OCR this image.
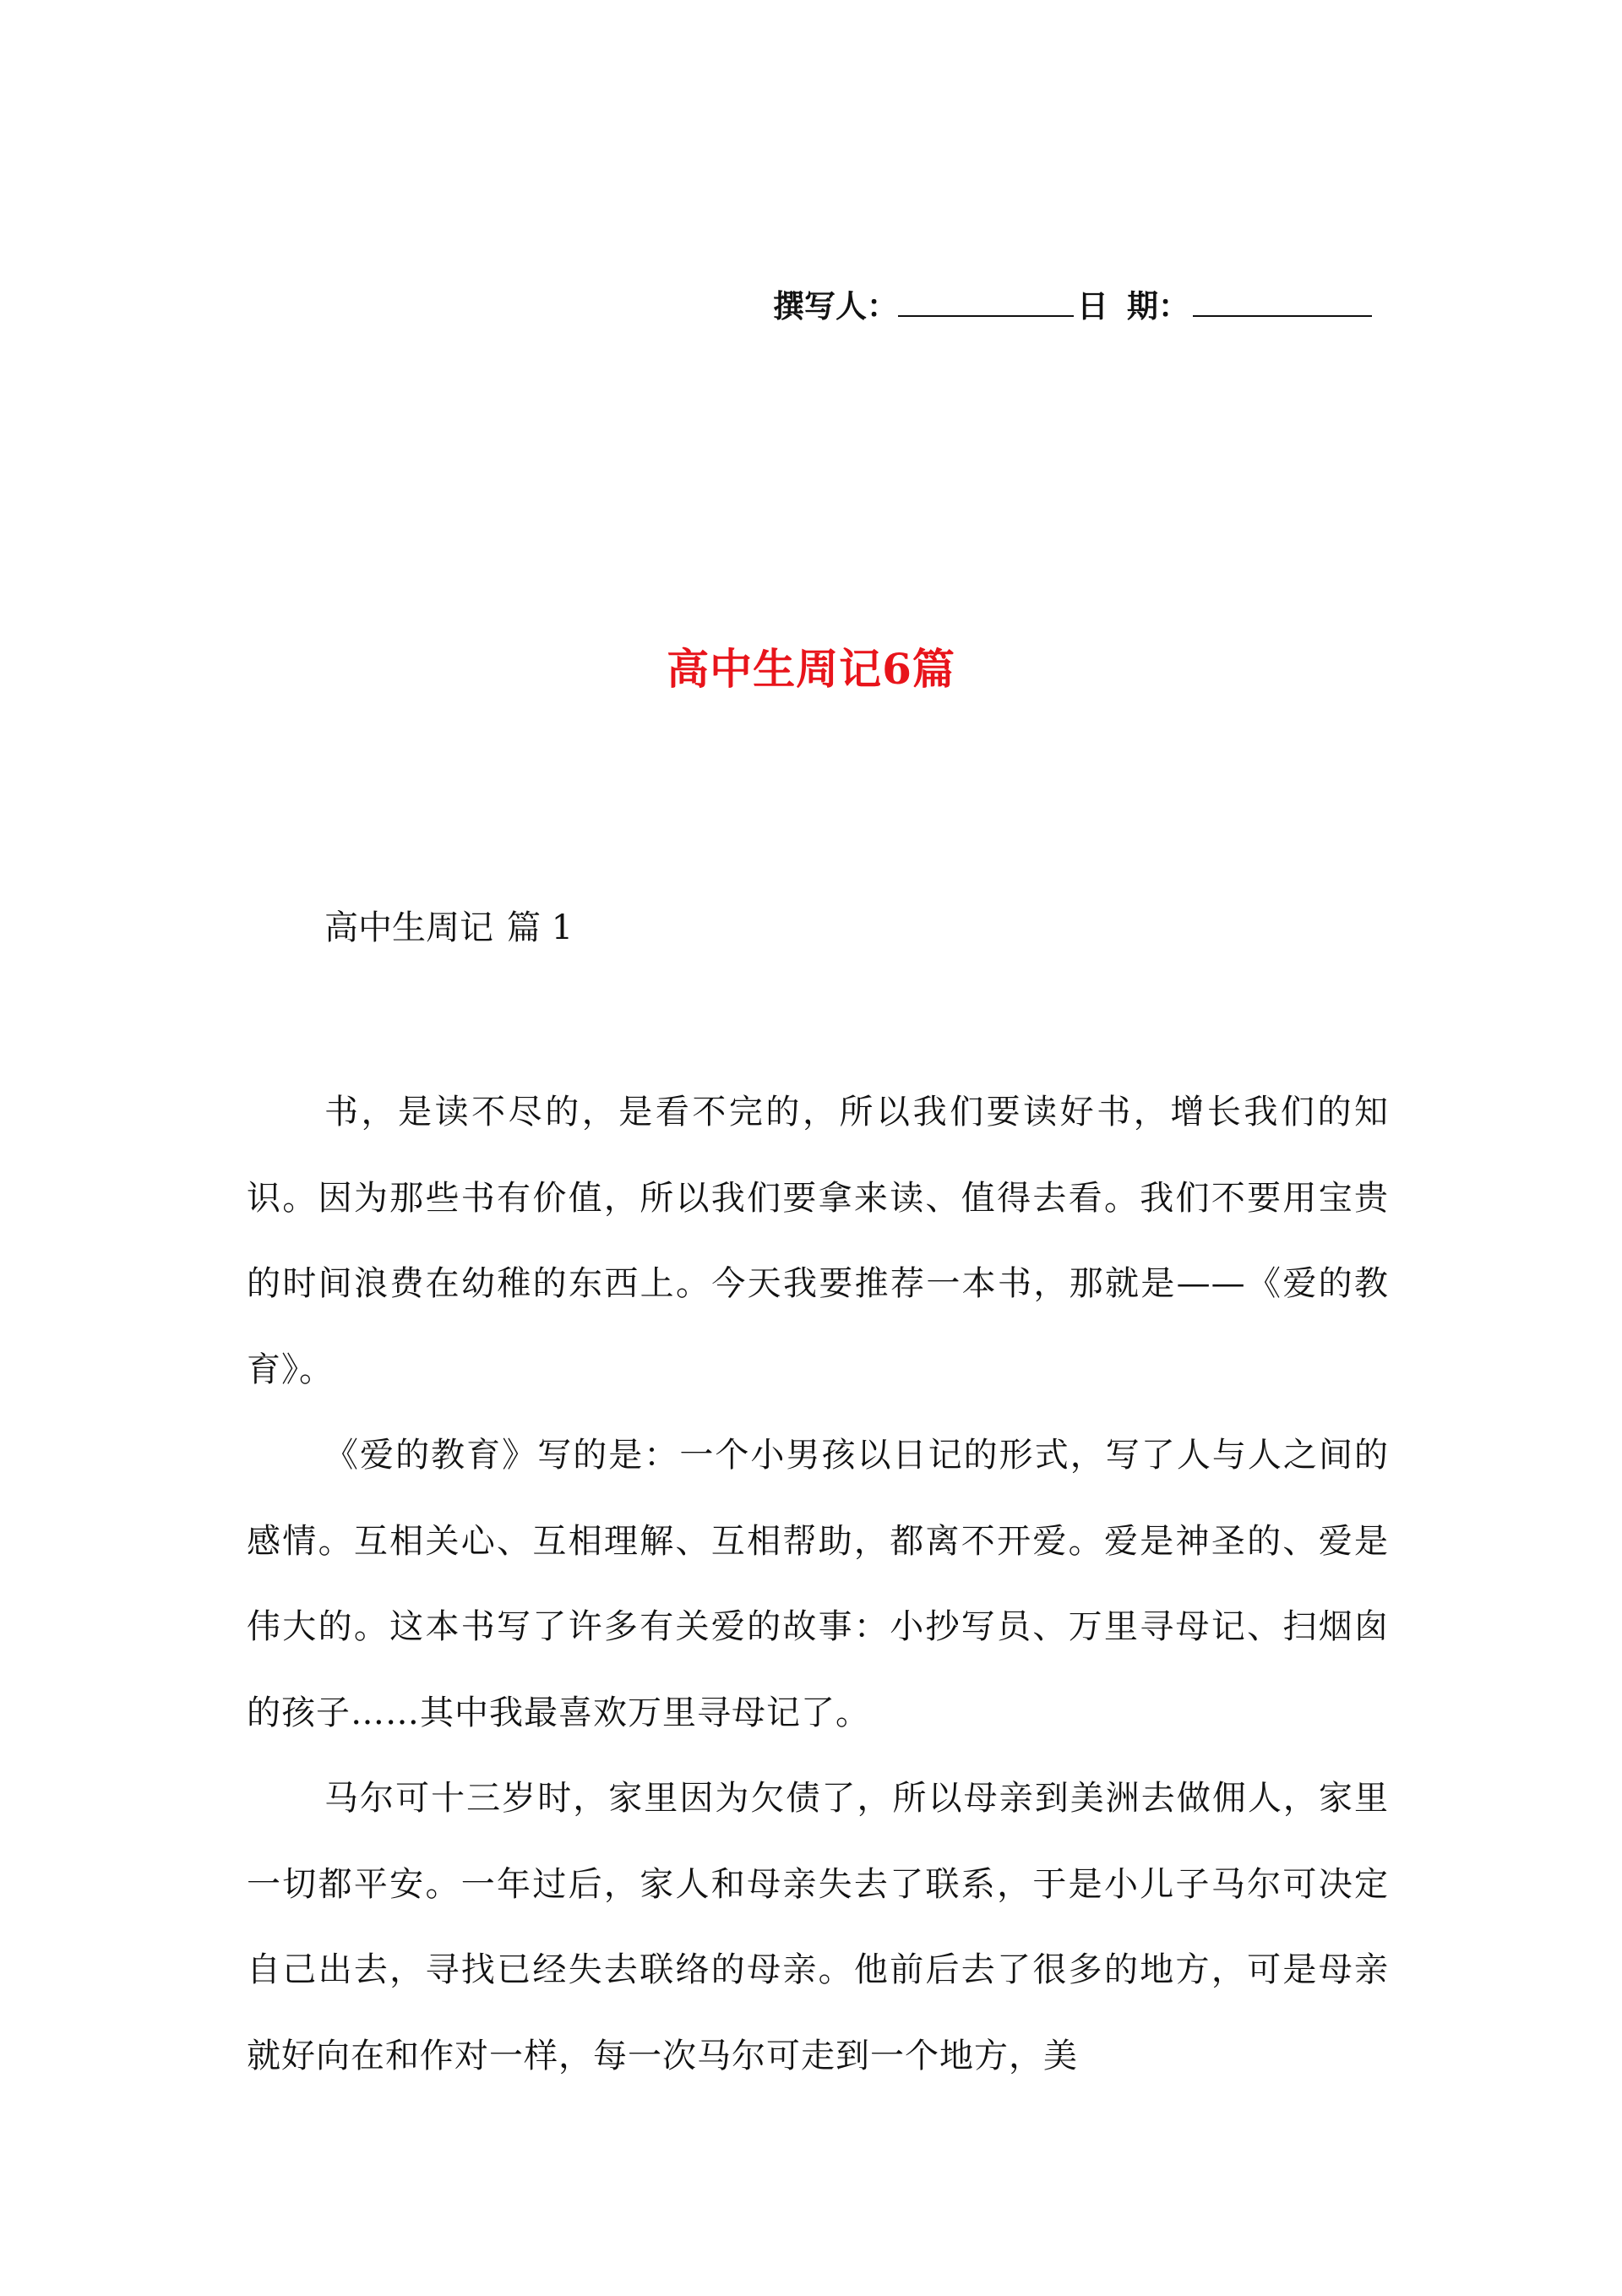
撰写人：	日 期：
高中生周记6篇
高中生周记 篇 1

书，是读不尽的，是看不完的，所以我们要读好书，增长我们的知识。因为那些书有价值，所以我们要拿来读、值得去看。我们不要用宝贵的时间浪费在幼稚的东西上。今天我要推荐一本书，那就是——《爱的教育》。

《爱的教育》写的是：一个小男孩以日记的形式，写了人与人之间的感情。互相关心、互相理解、互相帮助，都离不开爱。爱是神圣的、爱是伟大的。这本书写了许多有关爱的故事：小抄写员、万里寻母记、扫烟囱的孩子……其中我最喜欢万里寻母记了。

马尔可十三岁时，家里因为欠债了，所以母亲到美洲去做佣人，家里一切都平安。一年过后，家人和母亲失去了联系，于是小儿子马尔可决定自己出去，寻找已经失去联络的母亲。他前后去了很多的地方，可是母亲就好向在和作对一样，每一次马尔可走到一个地方，美
